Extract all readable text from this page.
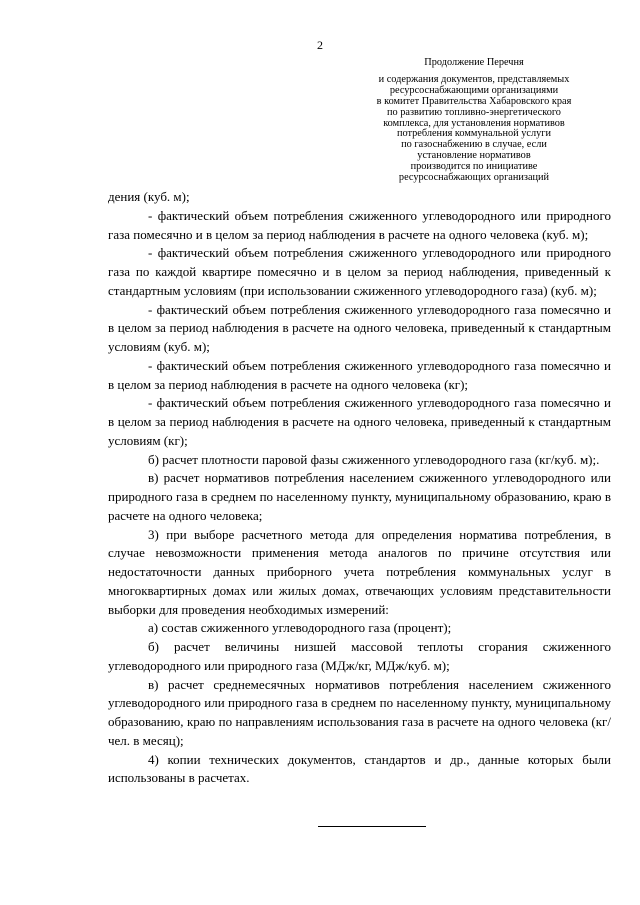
2
Продолжение Перечня
и содержания документов, представляемых
ресурсоснабжающими организациями
в комитет Правительства Хабаровского края
по развитию топливно-энергетического
комплекса, для установления нормативов
потребления коммунальной услуги
по газоснабжению в случае, если
установление нормативов
производится по инициативе
ресурсоснабжающих организаций

дения (куб. м);

- фактический объем потребления сжиженного углеводородного или природного газа помесячно и в целом за период наблюдения в расчете на одного человека (куб. м);

- фактический объем потребления сжиженного углеводородного или природного газа по каждой квартире помесячно и в целом за период наблюдения, приведенный к стандартным условиям (при использовании сжиженного углеводородного газа) (куб. м);

- фактический объем потребления сжиженного углеводородного газа помесячно и в целом за период наблюдения в расчете на одного человека, приведенный к стандартным условиям (куб. м);

- фактический объем потребления сжиженного углеводородного газа помесячно и в целом за период наблюдения в расчете на одного человека (кг);

- фактический объем потребления сжиженного углеводородного газа помесячно и в целом за период наблюдения в расчете на одного человека, приведенный к стандартным условиям (кг);

б) расчет плотности паровой фазы сжиженного углеводородного газа (кг/куб. м);.

в) расчет нормативов потребления населением сжиженного углеводородного или природного газа в среднем по населенному пункту, муниципальному образованию, краю в расчете на одного человека;

3) при выборе расчетного метода для определения норматива потребления, в случае невозможности применения метода аналогов по причине отсутствия или недостаточности данных приборного учета потребления коммунальных услуг в многоквартирных домах или жилых домах, отвечающих условиям представительности выборки для проведения необходимых измерений:

а) состав сжиженного углеводородного газа (процент);

б) расчет величины низшей массовой теплоты сгорания сжиженного углеводородного или природного газа (МДж/кг, МДж/куб. м);

в) расчет среднемесячных нормативов потребления населением сжиженного углеводородного или природного газа в среднем по населенному пункту, муниципальному образованию, краю по направлениям использования газа в расчете на одного человека (кг/чел. в месяц);

4) копии технических документов, стандартов и др., данные которых были использованы в расчетах.
